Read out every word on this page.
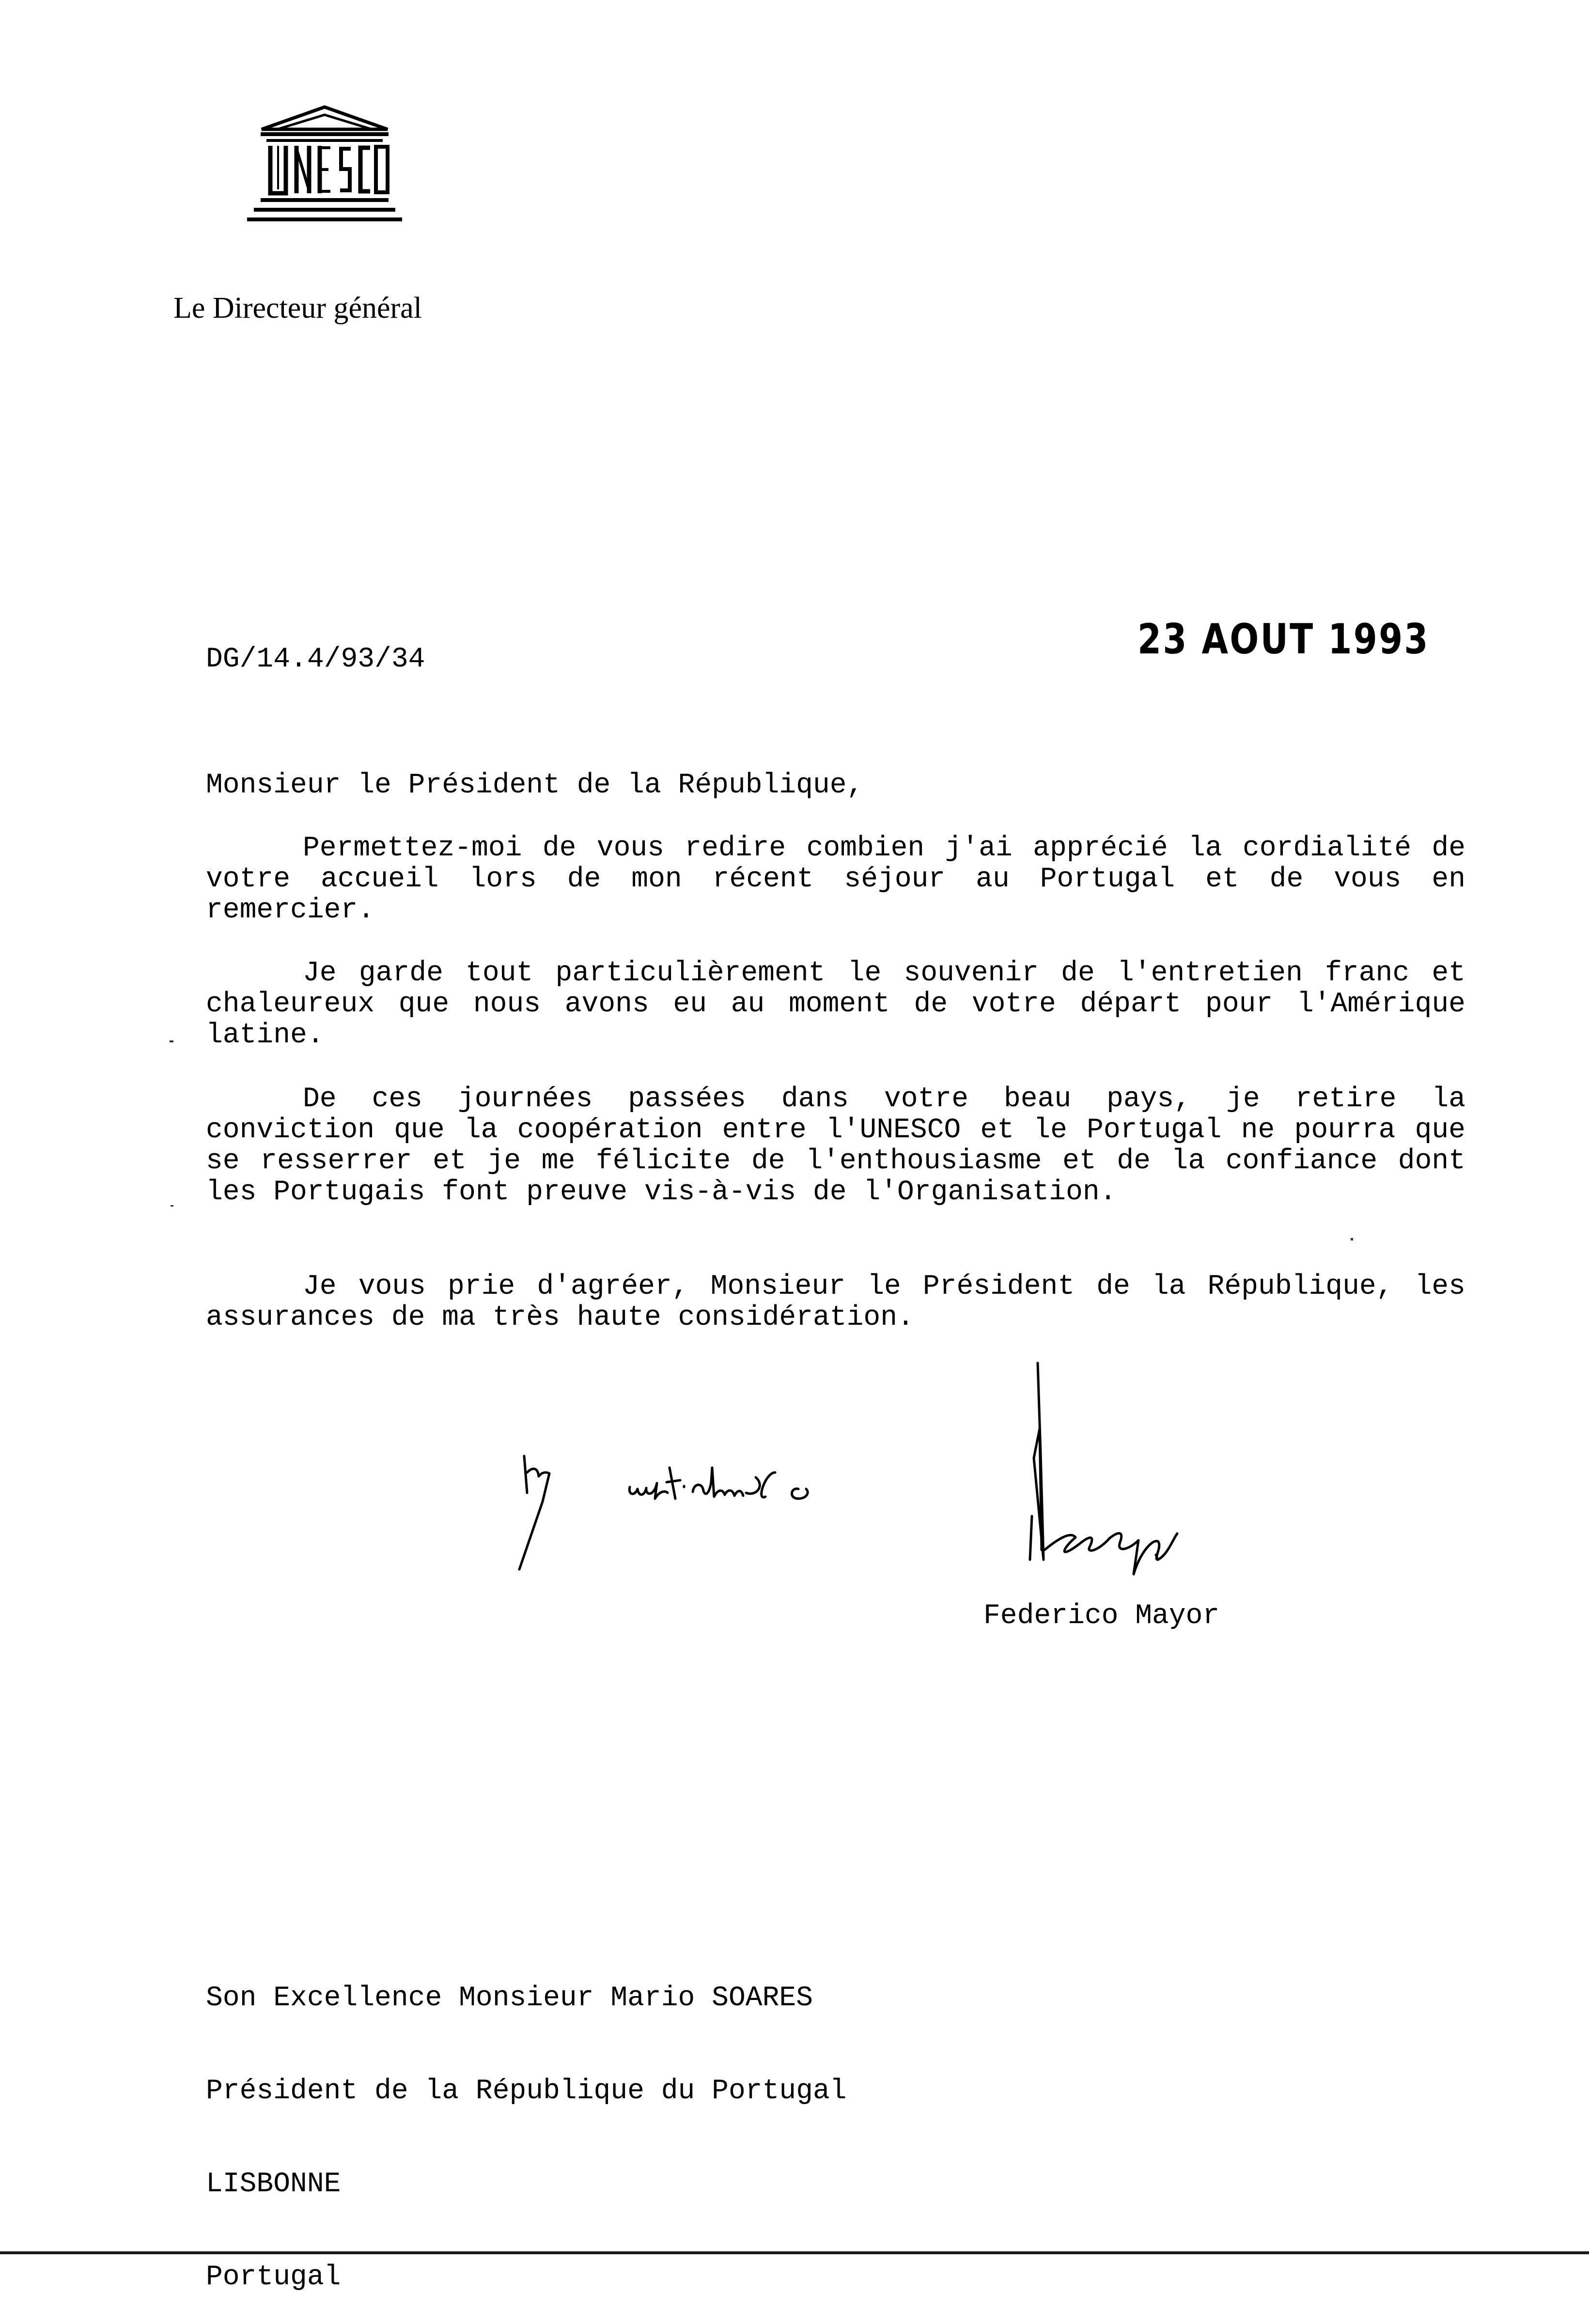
Le Directeur général
DG/14.4/93/34	23 AOUT 1993
Monsieur le Président de la République,
Permettez-moi de vous redire combien j'ai apprécié la cordialité de votre accueil lors de mon récent séjour au Portugal et de vous en remercier.
Je garde tout particulièrement le souvenir de l'entretien franc et chaleureux que nous avons eu au moment de votre départ pour l'Amérique latine.
De ces journées passées dans votre beau pays, je retire la conviction que la coopération entre l'UNESCO et le Portugal ne pourra que se resserrer et je me félicite de l'enthousiasme et de la confiance dont les Portugais font preuve vis-à-vis de l'Organisation.
Je vous prie d'agréer, Monsieur le Président de la République, les assurances de ma très haute considération.
Federico Mayor

Son Excellence Monsieur Mario SOARES

Président de la République du Portugal

LISBONNE

Portugal
